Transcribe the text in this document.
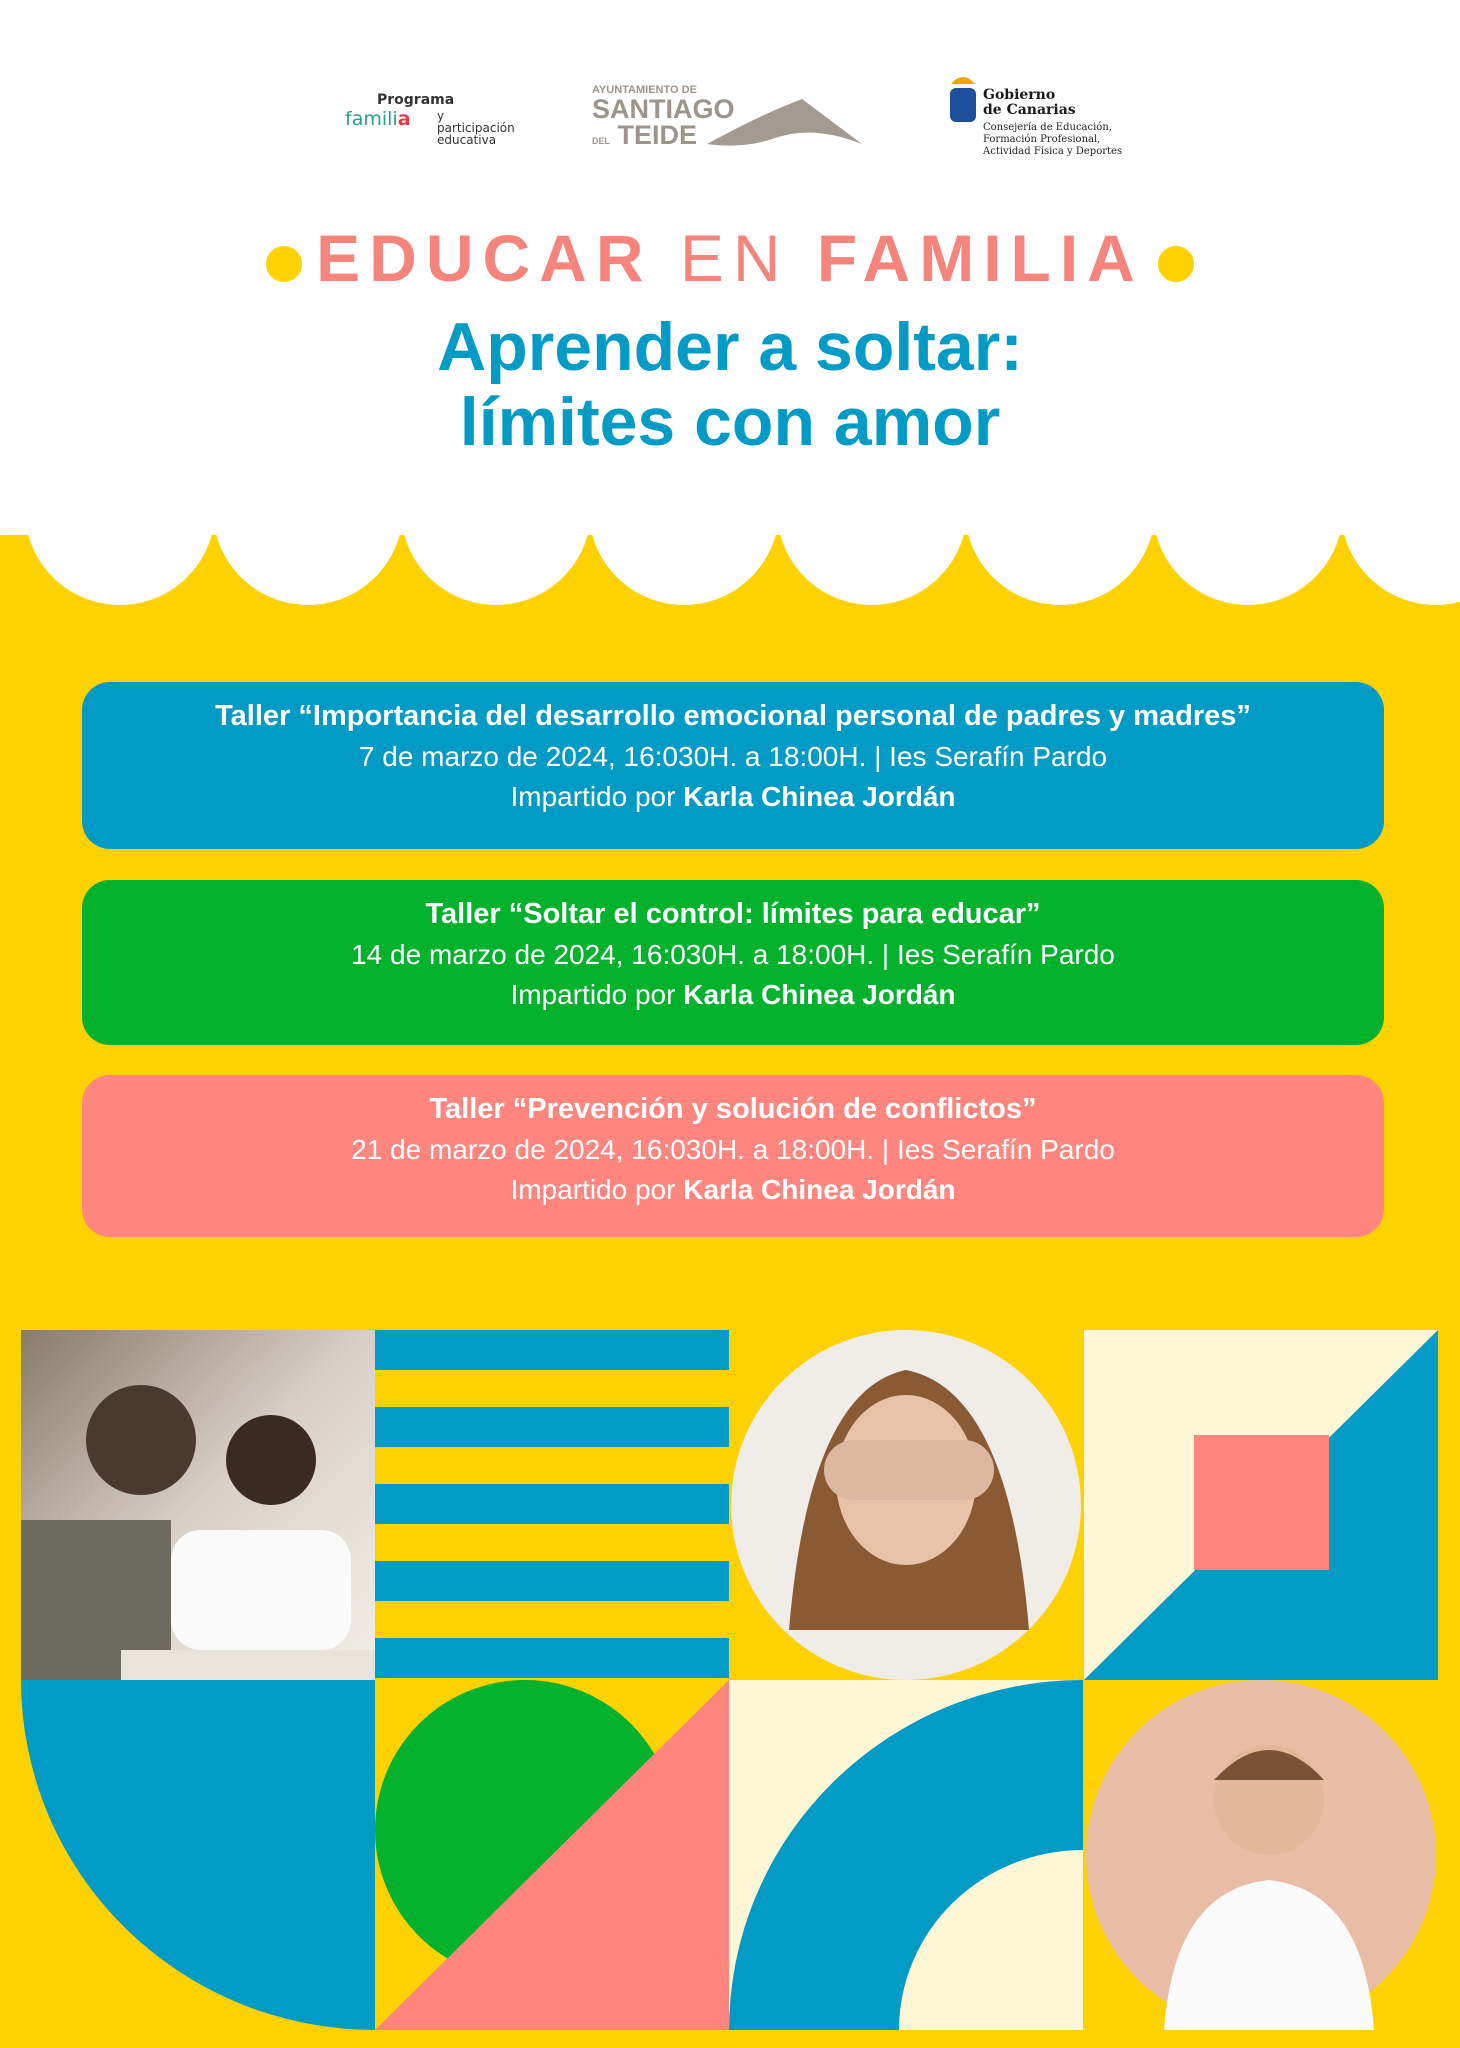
Programa
familia	y participación
educativa
AYUNTAMIENTO DE
SANTIAGO
DEL TEIDE
Gobierno
de Canarias
Consejería de Educación,
Formación Profesional,
Actividad Física y Deportes
EDUCAR EN FAMILIA
Aprender a soltar:
límites con amor
Taller “Importancia del desarrollo emocional personal de padres y madres”
7 de marzo de 2024, 16:030H. a 18:00H. | Ies Serafín Pardo
Impartido por Karla Chinea Jordán
Taller “Soltar el control: límites para educar”
14 de marzo de 2024, 16:030H. a 18:00H. | Ies Serafín Pardo
Impartido por Karla Chinea Jordán
Taller “Prevención y solución de conflictos”
21 de marzo de 2024, 16:030H. a 18:00H. | Ies Serafín Pardo
Impartido por Karla Chinea Jordán
